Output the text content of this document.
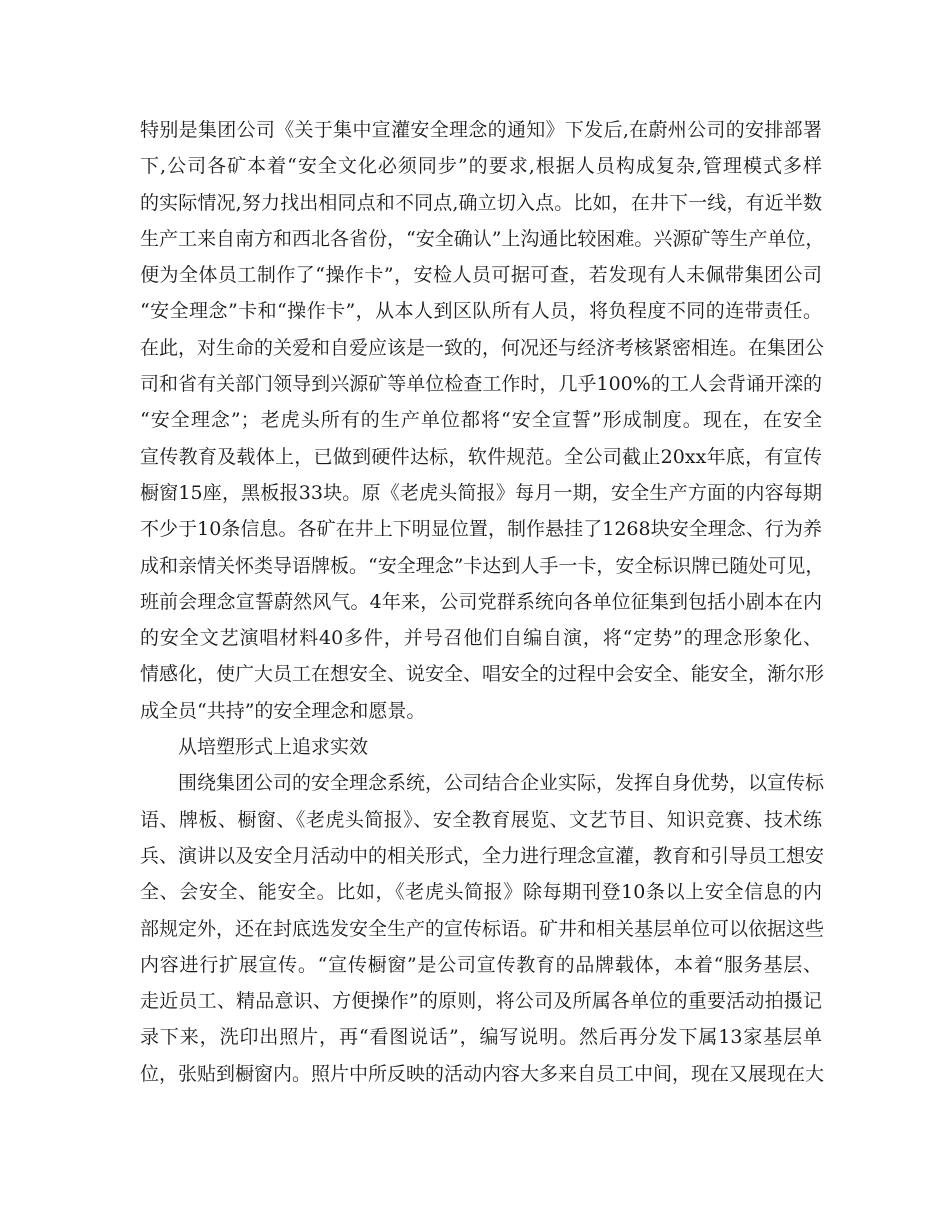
特别是集团公司《关于集中宣灌安全理念的通知》下发后,在蔚州公司的安排部署
下,公司各矿本着“安全文化必须同步”的要求,根据人员构成复杂,管理模式多样
的实际情况,努力找出相同点和不同点,确立切入点。比如，在井下一线，有近半数
生产工来自南方和西北各省份，“安全确认”上沟通比较困难。兴源矿等生产单位，
便为全体员工制作了“操作卡”，安检人员可据可查，若发现有人未佩带集团公司
“安全理念”卡和“操作卡”，从本人到区队所有人员，将负程度不同的连带责任。
在此，对生命的关爱和自爱应该是一致的，何况还与经济考核紧密相连。在集团公
司和省有关部门领导到兴源矿等单位检查工作时，几乎100%的工人会背诵开滦的
“安全理念”；老虎头所有的生产单位都将“安全宣誓”形成制度。现在，在安全
宣传教育及载体上，已做到硬件达标，软件规范。全公司截止20xx年底，有宣传
橱窗15座，黑板报33块。原《老虎头简报》每月一期，安全生产方面的内容每期
不少于10条信息。各矿在井上下明显位置，制作悬挂了1268块安全理念、行为养
成和亲情关怀类导语牌板。“安全理念”卡达到人手一卡，安全标识牌已随处可见，
班前会理念宣誓蔚然风气。4年来，公司党群系统向各单位征集到包括小剧本在内
的安全文艺演唱材料40多件，并号召他们自编自演，将“定势”的理念形象化、
情感化，使广大员工在想安全、说安全、唱安全的过程中会安全、能安全，渐尔形
成全员“共持”的安全理念和愿景。
从培塑形式上追求实效
围绕集团公司的安全理念系统，公司结合企业实际，发挥自身优势，以宣传标
语、牌板、橱窗、《老虎头简报》、安全教育展览、文艺节目、知识竞赛、技术练
兵、演讲以及安全月活动中的相关形式，全力进行理念宣灌，教育和引导员工想安
全、会安全、能安全。比如，《老虎头简报》除每期刊登10条以上安全信息的内
部规定外，还在封底选发安全生产的宣传标语。矿井和相关基层单位可以依据这些
内容进行扩展宣传。“宣传橱窗”是公司宣传教育的品牌载体，本着“服务基层、
走近员工、精品意识、方便操作”的原则，将公司及所属各单位的重要活动拍摄记
录下来，洗印出照片，再“看图说话”，编写说明。然后再分发下属13家基层单
位，张贴到橱窗内。照片中所反映的活动内容大多来自员工中间，现在又展现在大
